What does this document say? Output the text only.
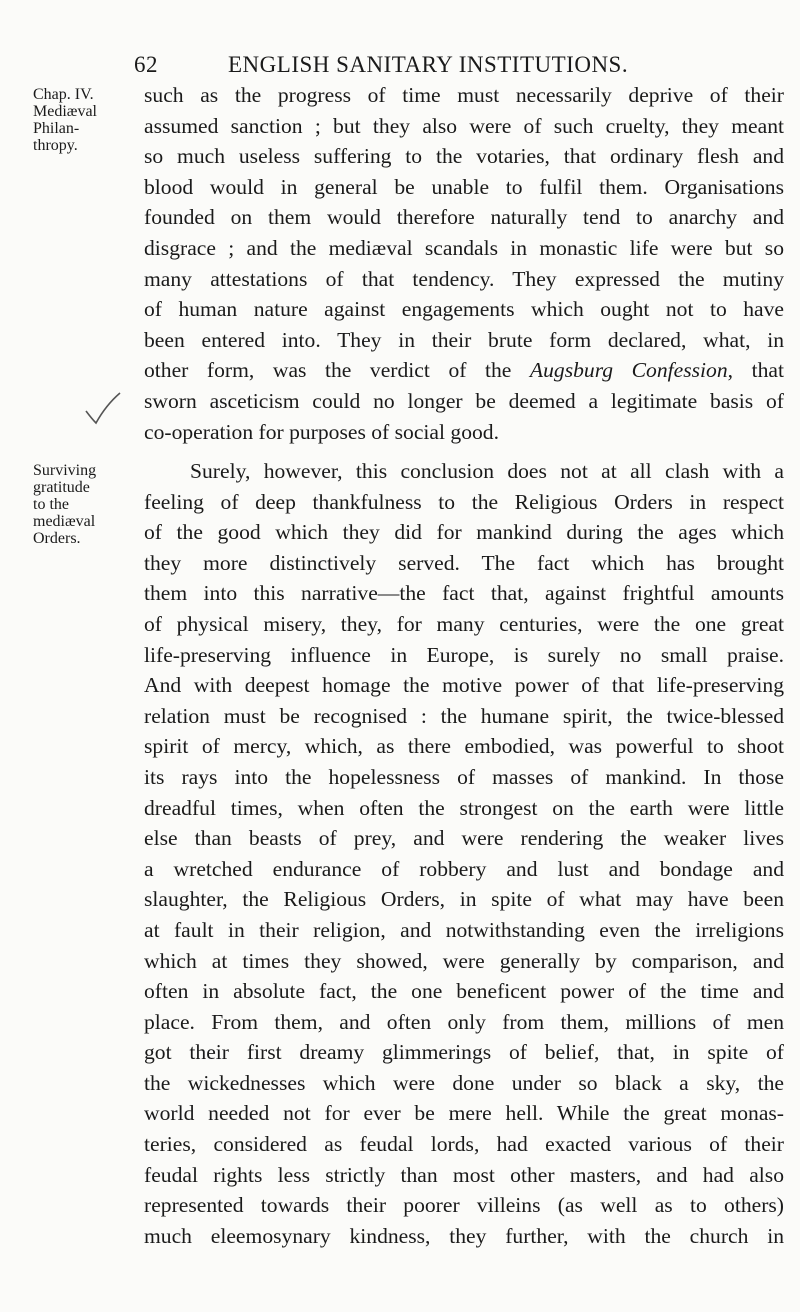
62	ENGLISH SANITARY INSTITUTIONS.
Chap. IV.
Mediæval
Philan-
thropy.
Surviving
gratitude
to the
mediæval
Orders.
such as the progress of time must necessarily deprive of their
assumed sanction ; but they also were of such cruelty, they meant
so much useless suffering to the votaries, that ordinary flesh and
blood would in general be unable to fulfil them. Organisations
founded on them would therefore naturally tend to anarchy and
disgrace ; and the mediæval scandals in monastic life were but so
many attestations of that tendency. They expressed the mutiny
of human nature against engagements which ought not to have
been entered into. They in their brute form declared, what, in
other form, was the verdict of the Augsburg Confession, that
sworn asceticism could no longer be deemed a legitimate basis of
co-operation for purposes of social good.
Surely, however, this conclusion does not at all clash with a
feeling of deep thankfulness to the Religious Orders in respect
of the good which they did for mankind during the ages which
they more distinctively served. The fact which has brought
them into this narrative—the fact that, against frightful amounts
of physical misery, they, for many centuries, were the one great
life-preserving influence in Europe, is surely no small praise.
And with deepest homage the motive power of that life-preserving
relation must be recognised : the humane spirit, the twice-blessed
spirit of mercy, which, as there embodied, was powerful to shoot
its rays into the hopelessness of masses of mankind. In those
dreadful times, when often the strongest on the earth were little
else than beasts of prey, and were rendering the weaker lives
a wretched endurance of robbery and lust and bondage and
slaughter, the Religious Orders, in spite of what may have been
at fault in their religion, and notwithstanding even the irreligions
which at times they showed, were generally by comparison, and
often in absolute fact, the one beneficent power of the time and
place. From them, and often only from them, millions of men
got their first dreamy glimmerings of belief, that, in spite of
the wickednesses which were done under so black a sky, the
world needed not for ever be mere hell. While the great monas-
teries, considered as feudal lords, had exacted various of their
feudal rights less strictly than most other masters, and had also
represented towards their poorer villeins (as well as to others)
much eleemosynary kindness, they further, with the church in
